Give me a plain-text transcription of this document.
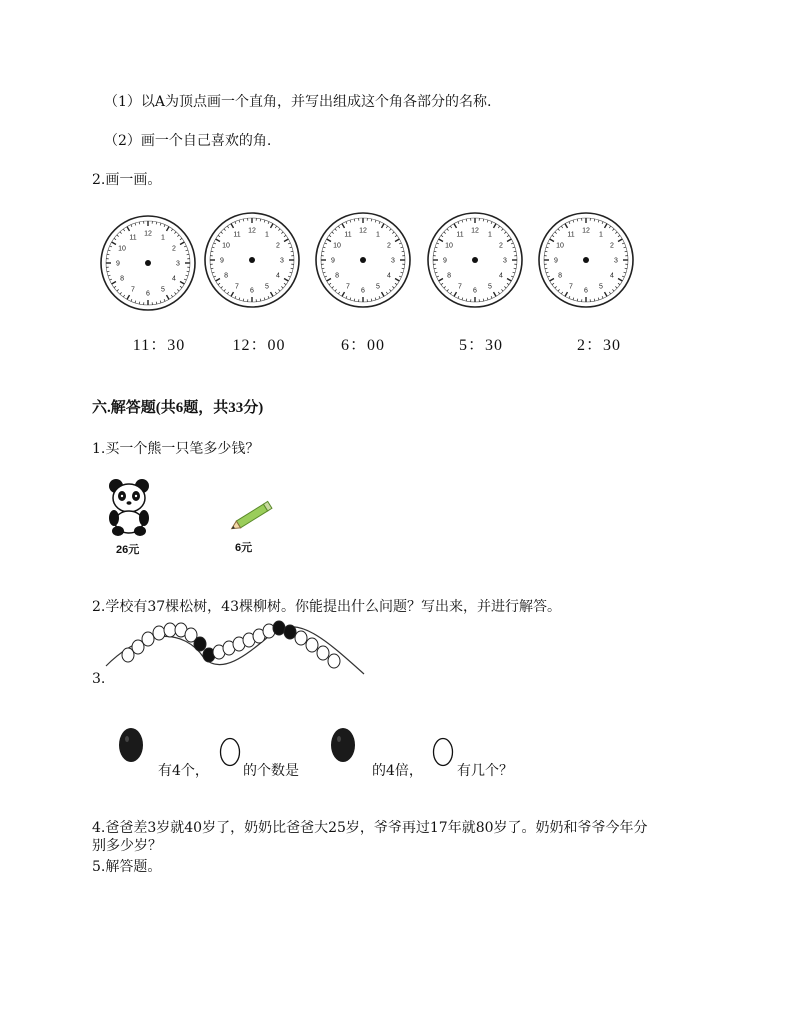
（1）以A为顶点画一个直角，并写出组成这个角各部分的名称.
（2）画一个自己喜欢的角.
2.画一画。
12
1
2
3
4
5
6
7
8
9
10
11
12
1
2
3
4
5
6
7
8
9
10
11
12
1
2
3
4
5
6
7
8
9
10
11
12
1
2
3
4
5
6
7
8
9
10
11
12
1
2
3
4
5
6
7
8
9
10
11
11：30	12：00	6：00	5：30	2：30
六.解答题(共6题，共33分)
1.买一个熊一只笔多少钱？
26元	6元
2.学校有37棵松树，43棵柳树。你能提出什么问题？写出来，并进行解答。
3.
有4个， 的个数是	的4倍， 有几个？
4.爸爸差3岁就40岁了，奶奶比爸爸大25岁，爷爷再过17年就80岁了。奶奶和爷爷今年分
别多少岁？
5.解答题。
